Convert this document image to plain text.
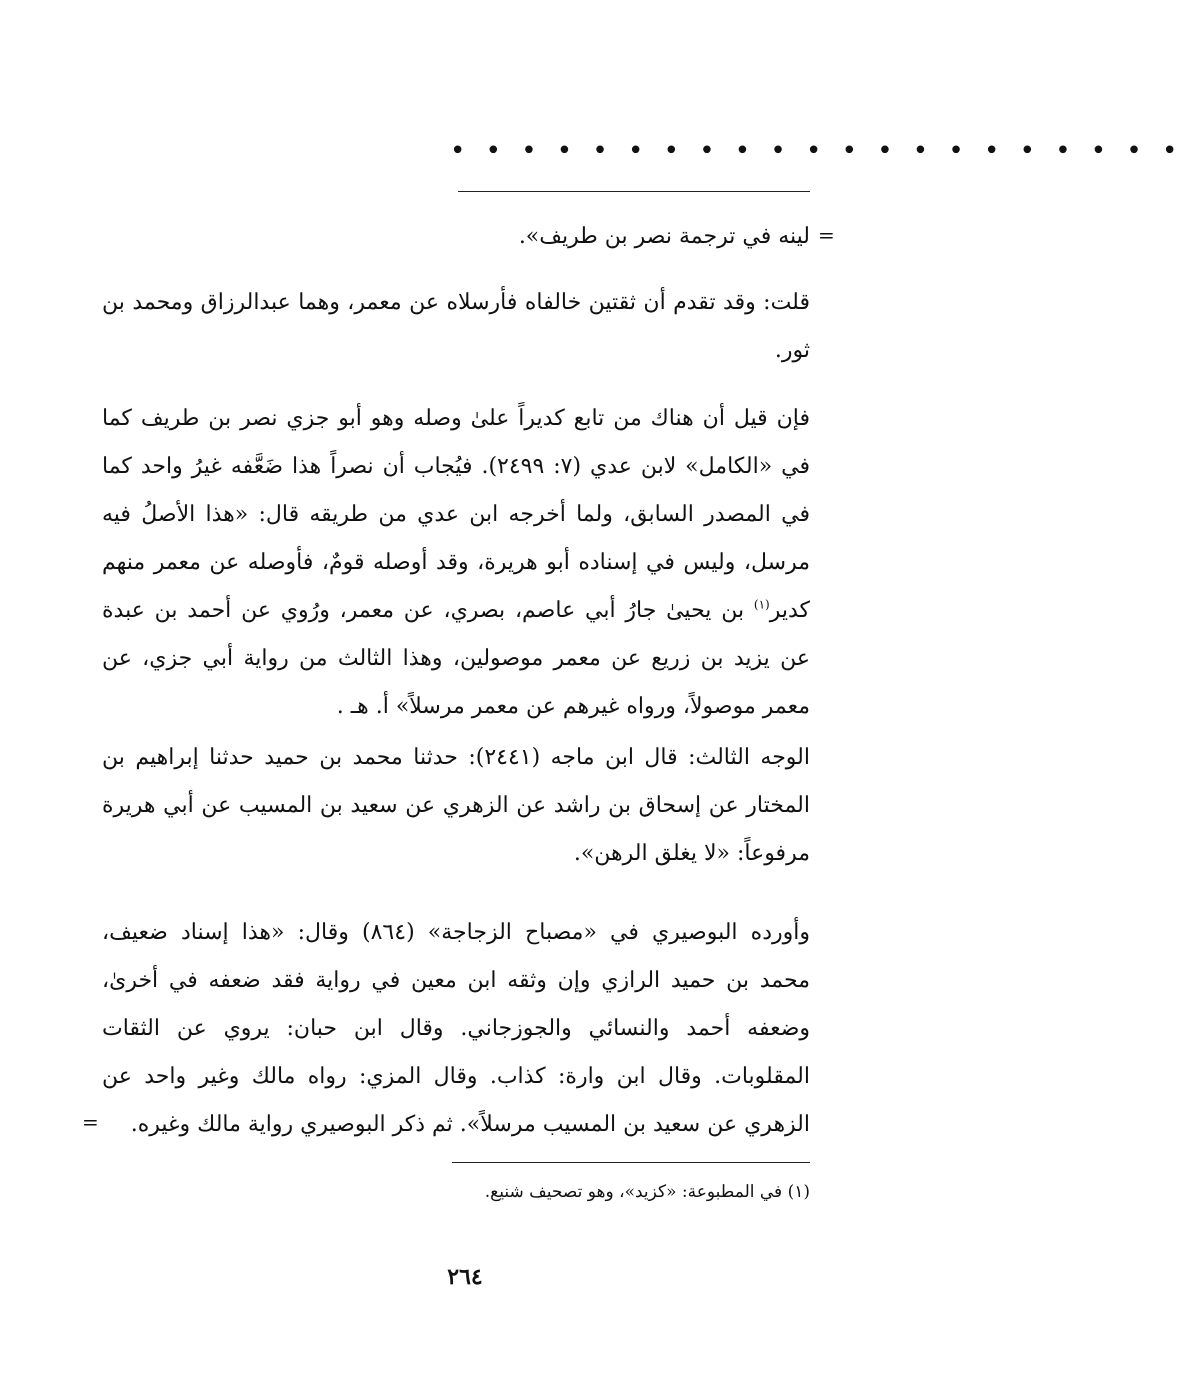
• • • • • • • • • • • • • • • • • • • • •
=

لينه في ترجمة نصر بن طريف».

قلت: وقد تقدم أن ثقتين خالفاه فأرسلاه عن معمر، وهما عبدالرزاق ومحمد بن ثور.

فإن قيل أن هناك من تابع كديراً علىٰ وصله وهو أبو جزي نصر بن طريف كما في «الكامل» لابن عدي (٧: ٢٤٩٩). فيُجاب أن نصراً هذا ضَعَّفه غيرُ واحد كما في المصدر السابق، ولما أخرجه ابن عدي من طريقه قال: «هذا الأصلُ فيه مرسل، وليس في إسناده أبو هريرة، وقد أوصله قومٌ، فأوصله عن معمر منهم كدير$^{(١)}$ بن يحيىٰ جارُ أبي عاصم، بصري، عن معمر، ورُوي عن أحمد بن عبدة عن يزيد بن زريع عن معمر موصولين، وهذا الثالث من رواية أبي جزي، عن معمر موصولاً، ورواه غيرهم عن معمر مرسلاً» أ. هـ .

الوجه الثالث: قال ابن ماجه (٢٤٤١): حدثنا محمد بن حميد حدثنا إبراهيم بن المختار عن إسحاق بن راشد عن الزهري عن سعيد بن المسيب عن أبي هريرة مرفوعاً: «لا يغلق الرهن».

وأورده البوصيري في «مصباح الزجاجة» (٨٦٤) وقال: «هذا إسناد ضعيف، محمد بن حميد الرازي وإن وثقه ابن معين في رواية فقد ضعفه في أخرىٰ، وضعفه أحمد والنسائي والجوزجاني. وقال ابن حبان: يروي عن الثقات المقلوبات. وقال ابن وارة: كذاب. وقال المزي: رواه مالك وغير واحد عن الزهري عن سعيد بن المسيب مرسلاً». ثم ذكر البوصيري رواية مالك وغيره.

=

(١) في المطبوعة: «كزيد»، وهو تصحيف شنيع.

٢٦٤
